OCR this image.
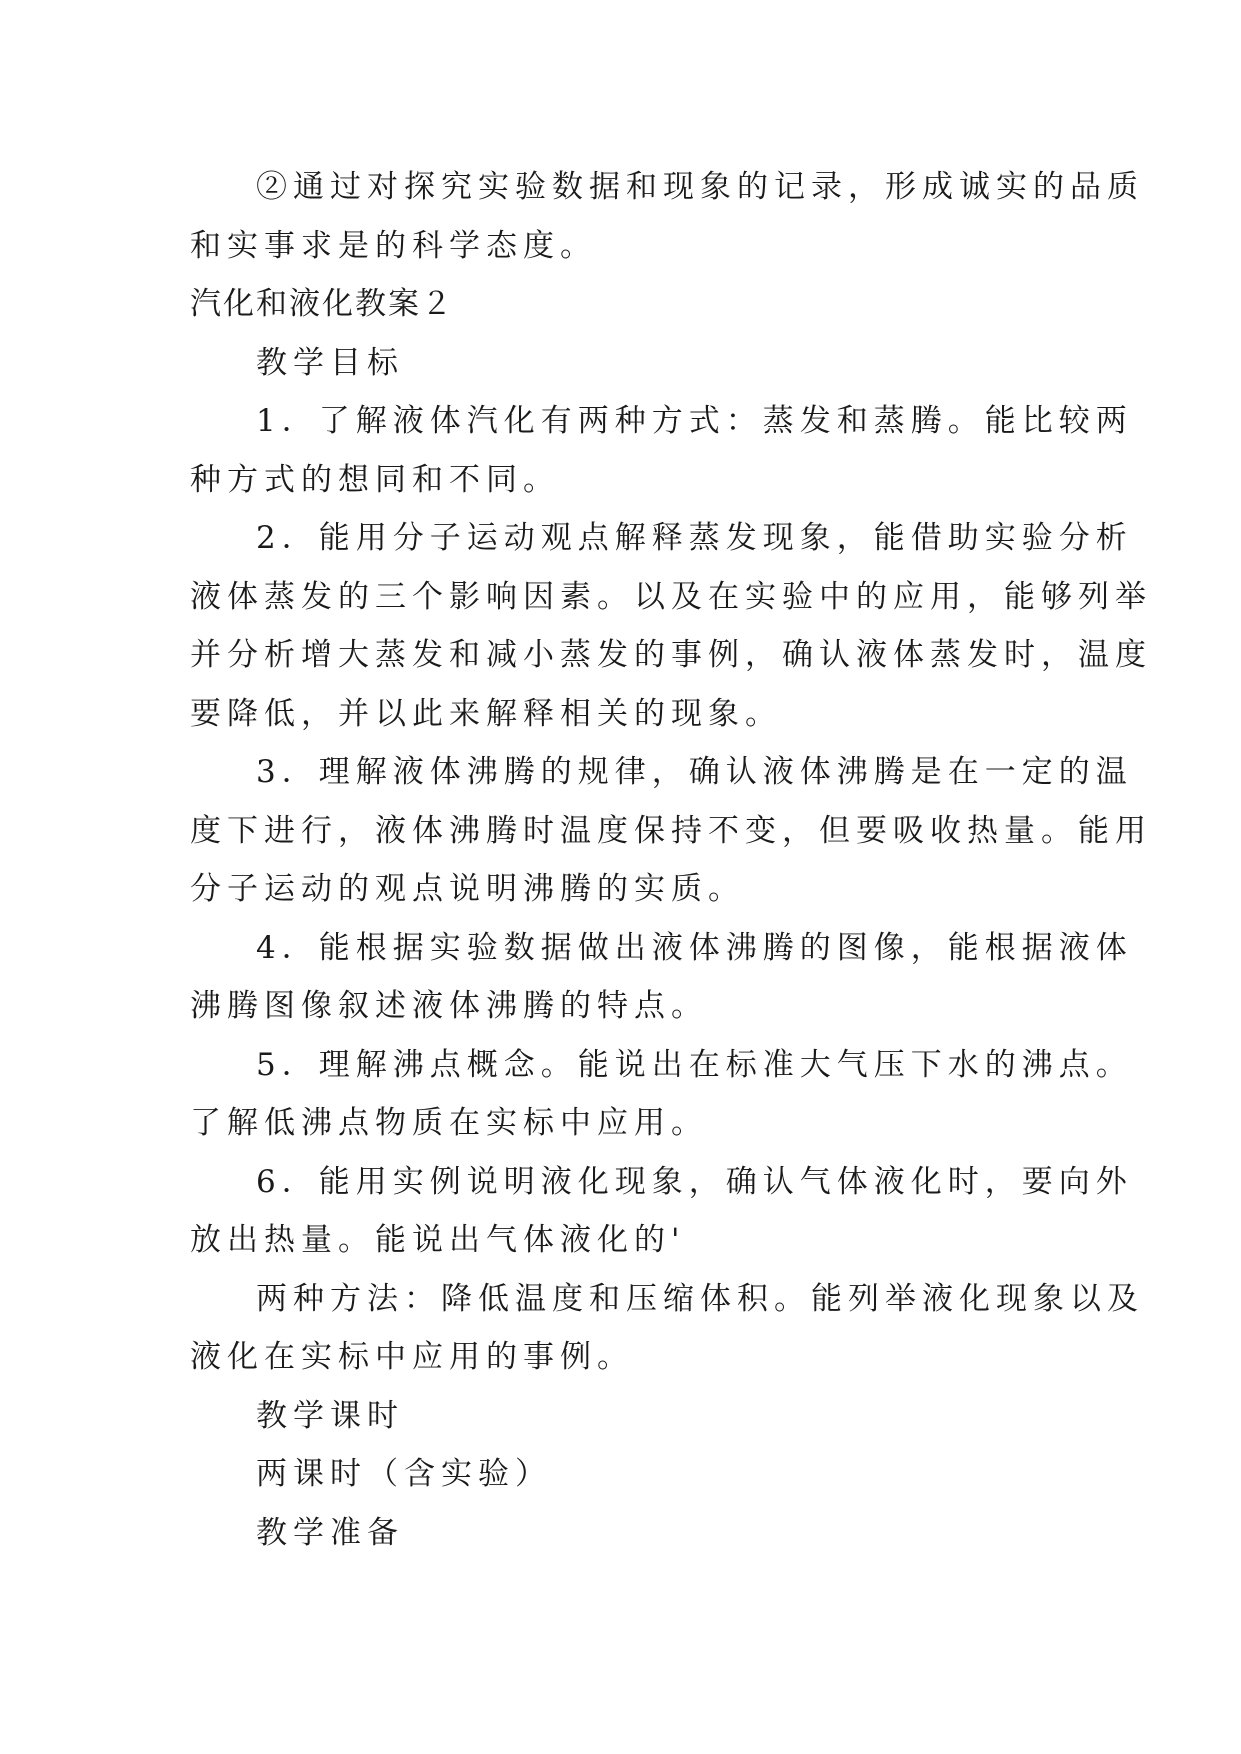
②通过对探究实验数据和现象的记录，形成诚实的品质
和实事求是的科学态度。
汽化和液化教案２
教学目标
1．了解液体汽化有两种方式：蒸发和蒸腾。能比较两
种方式的想同和不同。
2．能用分子运动观点解释蒸发现象，能借助实验分析
液体蒸发的三个影响因素。以及在实验中的应用，能够列举
并分析增大蒸发和减小蒸发的事例，确认液体蒸发时，温度
要降低，并以此来解释相关的现象。
3．理解液体沸腾的规律，确认液体沸腾是在一定的温
度下进行，液体沸腾时温度保持不变，但要吸收热量。能用
分子运动的观点说明沸腾的实质。
4．能根据实验数据做出液体沸腾的图像，能根据液体
沸腾图像叙述液体沸腾的特点。
5．理解沸点概念。能说出在标准大气压下水的沸点。
了解低沸点物质在实标中应用。
6．能用实例说明液化现象，确认气体液化时，要向外
放出热量。能说出气体液化的'
两种方法：降低温度和压缩体积。能列举液化现象以及
液化在实标中应用的事例。
教学课时
两课时（含实验）
教学准备
